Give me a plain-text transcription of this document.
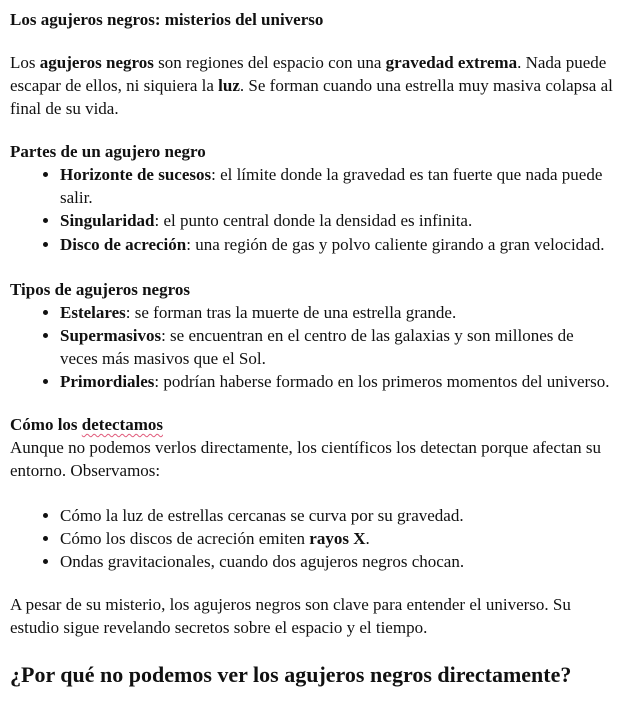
Los agujeros negros: misterios del universo

Los agujeros negros son regiones del espacio con una gravedad extrema. Nada puede escapar de ellos, ni siquiera la luz. Se forman cuando una estrella muy masiva colapsa al final de su vida.

Partes de un agujero negro
• Horizonte de sucesos: el límite donde la gravedad es tan fuerte que nada puede salir.
• Singularidad: el punto central donde la densidad es infinita.
• Disco de acreción: una región de gas y polvo caliente girando a gran velocidad.
Tipos de agujeros negros
• Estelares: se forman tras la muerte de una estrella grande.
• Supermasivos: se encuentran en el centro de las galaxias y son millones de veces más masivos que el Sol.
• Primordiales: podrían haberse formado en los primeros momentos del universo.
Cómo los detectamos

Aunque no podemos verlos directamente, los científicos los detectan porque afectan su entorno. Observamos:

• Cómo la luz de estrellas cercanas se curva por su gravedad.
• Cómo los discos de acreción emiten rayos X.
• Ondas gravitacionales, cuando dos agujeros negros chocan.

A pesar de su misterio, los agujeros negros son clave para entender el universo. Su estudio sigue revelando secretos sobre el espacio y el tiempo.

¿Por qué no podemos ver los agujeros negros directamente?
